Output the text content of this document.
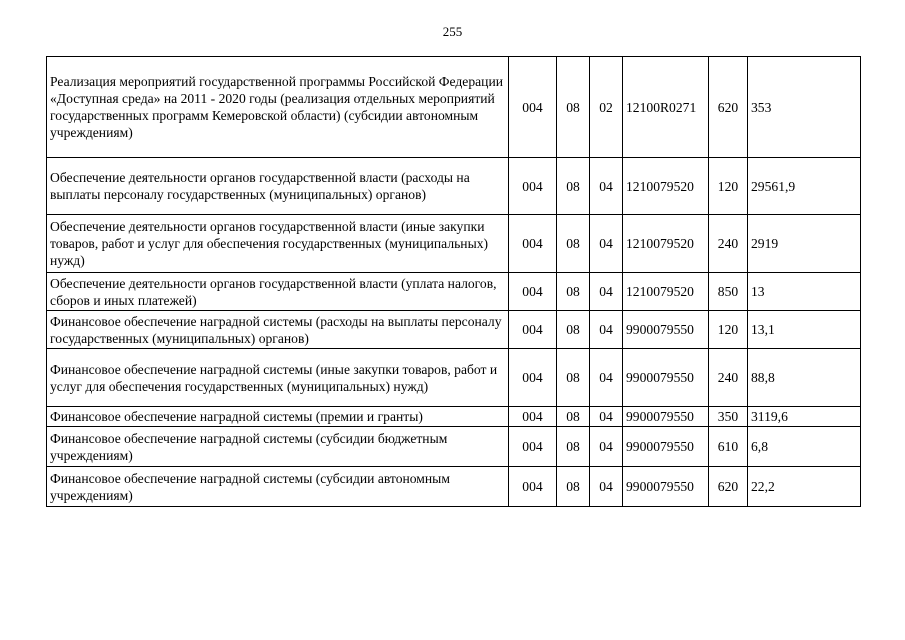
255
Реализация мероприятий государственной программы Российской Федерации «Доступная среда» на 2011 - 2020 годы (реализация отдельных мероприятий государственных программ Кемеровской области) (субсидии автономным учреждениям)	004	08	02	12100R0271	620	353
Обеспечение деятельности органов государственной власти (расходы на выплаты персоналу государственных (муниципальных) органов)	004	08	04	1210079520	120	29561,9
Обеспечение деятельности органов государственной власти (иные закупки товаров, работ и услуг для обеспечения государственных (муниципальных) нужд)	004	08	04	1210079520	240	2919
Обеспечение деятельности органов государственной власти (уплата налогов, сборов и иных платежей)	004	08	04	1210079520	850	13
Финансовое обеспечение наградной системы (расходы на выплаты персоналу государственных (муниципальных) органов)	004	08	04	9900079550	120	13,1
Финансовое обеспечение наградной системы (иные закупки товаров, работ и услуг для обеспечения государственных (муниципальных) нужд)	004	08	04	9900079550	240	88,8
Финансовое обеспечение наградной системы (премии и гранты)	004	08	04	9900079550	350	3119,6
Финансовое обеспечение наградной системы (субсидии бюджетным учреждениям)	004	08	04	9900079550	610	6,8
Финансовое обеспечение наградной системы (субсидии автономным учреждениям)	004	08	04	9900079550	620	22,2
